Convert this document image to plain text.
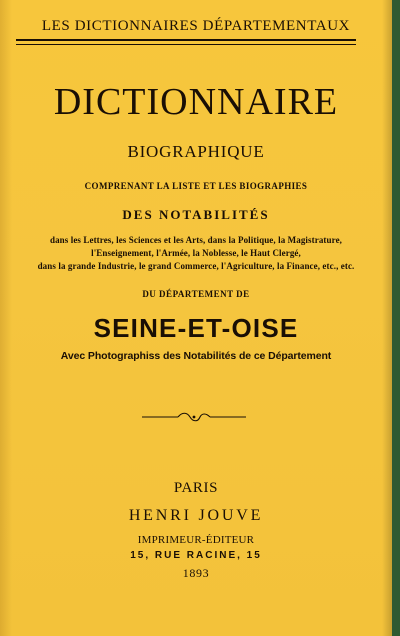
LES DICTIONNAIRES DÉPARTEMENTAUX
DICTIONNAIRE
BIOGRAPHIQUE
COMPRENANT LA LISTE ET LES BIOGRAPHIES
DES NOTABILITÉS
dans les Lettres, les Sciences et les Arts, dans la Politique, la Magistrature,
l'Enseignement, l'Armée, la Noblesse, le Haut Clergé,
dans la grande Industrie, le grand Commerce, l'Agriculture, la Finance, etc., etc.
DU DÉPARTEMENT DE
SEINE-ET-OISE
Avec Photographiss des Notabilités de ce Département
PARIS
HENRI JOUVE
IMPRIMEUR-ÉDITEUR
15, RUE RACINE, 15
1893
